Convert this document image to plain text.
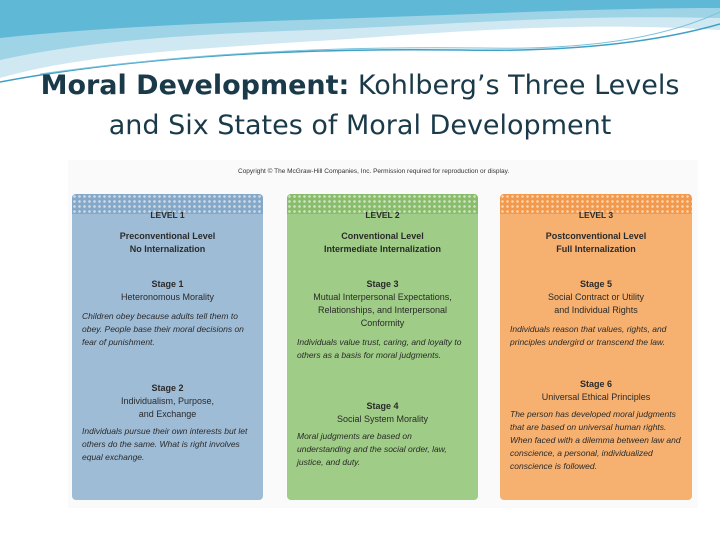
Moral Development: Kohlberg’s Three Levels and Six States of Moral Development
Copyright © The McGraw-Hill Companies, Inc. Permission required for reproduction or display.
LEVEL 1
Preconventional Level
No Internalization
Stage 1
Heteronomous Morality
Children obey because adults tell them to obey. People base their moral decisions on fear of punishment.
Stage 2
Individualism, Purpose, and Exchange
Individuals pursue their own interests but let others do the same. What is right involves equal exchange.
LEVEL 2
Conventional Level
Intermediate Internalization
Stage 3
Mutual Interpersonal Expectations, Relationships, and Interpersonal Conformity
Individuals value trust, caring, and loyalty to others as a basis for moral judgments.
Stage 4
Social System Morality
Moral judgments are based on understanding and the social order, law, justice, and duty.
LEVEL 3
Postconventional Level
Full Internalization
Stage 5
Social Contract or Utility and Individual Rights
Individuals reason that values, rights, and principles undergird or transcend the law.
Stage 6
Universal Ethical Principles
The person has developed moral judgments that are based on universal human rights. When faced with a dilemma between law and conscience, a personal, individualized conscience is followed.
